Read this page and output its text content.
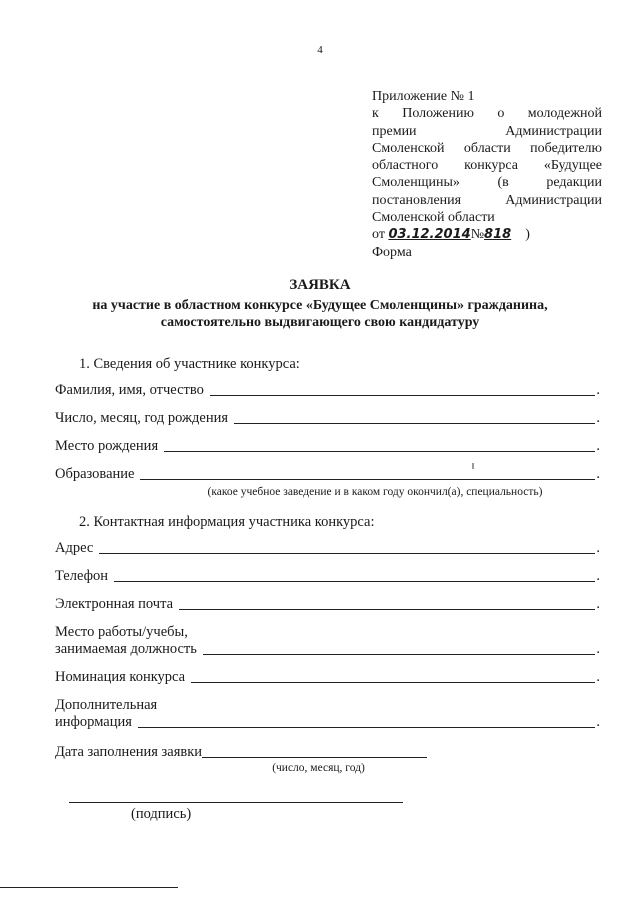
4
Приложение № 1
к Положению о молодежной
премии Администрации
Смоленской области победителю
областного конкурса «Будущее
Смоленщины» (в редакции
постановления Администрации
Смоленской области
от 03.12.2014№818 )
Форма
ЗАЯВКА
на участие в областном конкурсе «Будущее Смоленщины» гражданина,
самостоятельно выдвигающего свою кандидатуру
1. Сведения об участнике конкурса:
Фамилия, имя, отчество	.
Число, месяц, год рождения	.
Место рождения	.
Образование	.
(какое учебное заведение и в каком году окончил(а), специальность)
2. Контактная информация участника конкурса:
Адрес	.
Телефон	.
Электронная почта	.
Место работы/учебы,
занимаемая должность	.
Номинация конкурса	.
Дополнительная
информация	.
Дата заполнения заявки
(число, месяц, год)
(подпись)
